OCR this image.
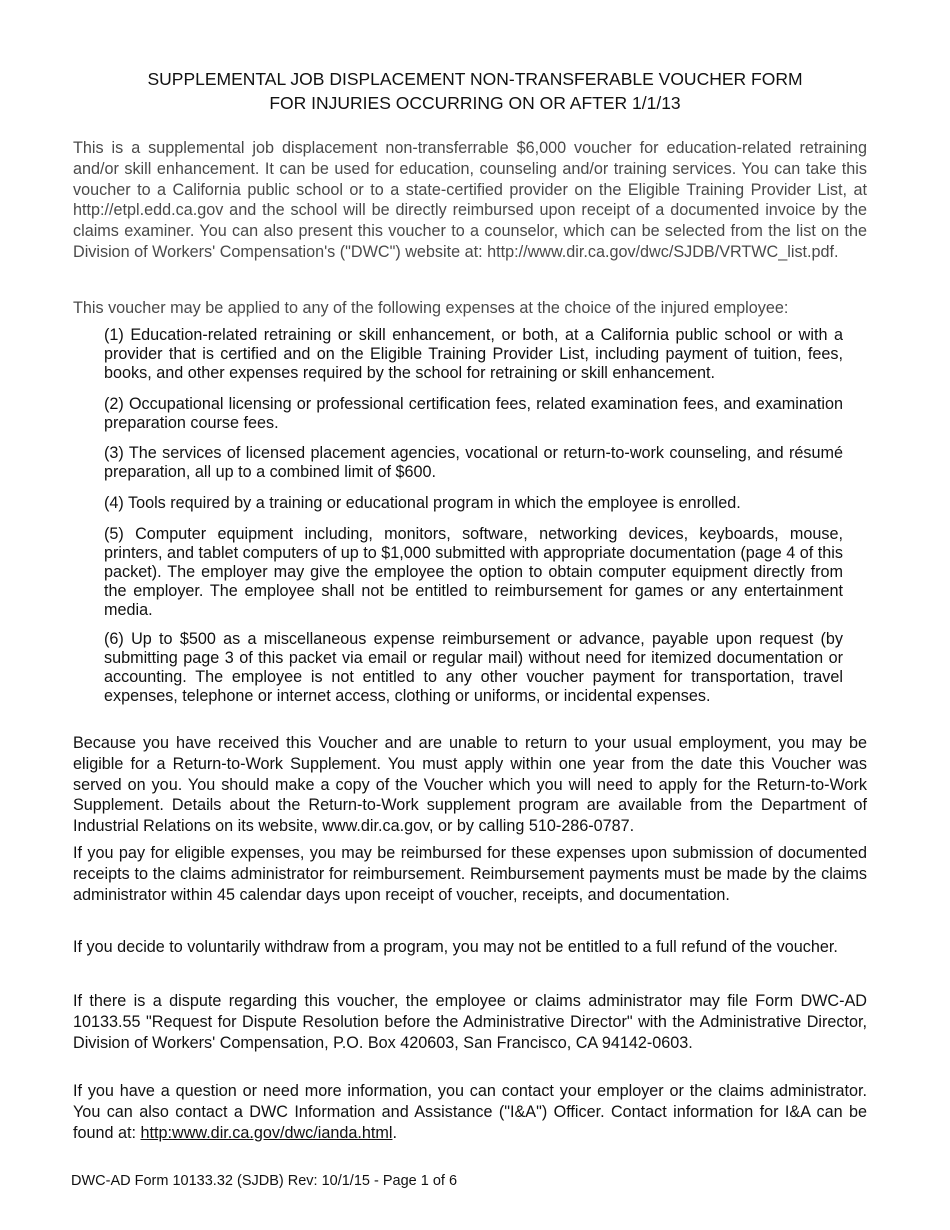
SUPPLEMENTAL JOB DISPLACEMENT NON-TRANSFERABLE VOUCHER FORM
FOR INJURIES OCCURRING ON OR AFTER 1/1/13

This is a supplemental job displacement non-transferrable $6,000 voucher for education-related retraining and/or skill enhancement. It can be used for education, counseling and/or training services. You can take this voucher to a California public school or to a state-certified provider on the Eligible Training Provider List, at http://etpl.edd.ca.gov and the school will be directly reimbursed upon receipt of a documented invoice by the claims examiner. You can also present this voucher to a counselor, which can be selected from the list on the Division of Workers' Compensation's ("DWC") website at: http://www.dir.ca.gov/dwc/SJDB/VRTWC_list.pdf.

This voucher may be applied to any of the following expenses at the choice of the injured employee:

(1) Education-related retraining or skill enhancement, or both, at a California public school or with a provider that is certified and on the Eligible Training Provider List, including payment of tuition, fees, books, and other expenses required by the school for retraining or skill enhancement.

(2) Occupational licensing or professional certification fees, related examination fees, and examination preparation course fees.

(3) The services of licensed placement agencies, vocational or return-to-work counseling, and résumé preparation, all up to a combined limit of $600.

(4) Tools required by a training or educational program in which the employee is enrolled.

(5) Computer equipment including, monitors, software, networking devices, keyboards, mouse, printers, and tablet computers of up to $1,000 submitted with appropriate documentation (page 4 of this packet). The employer may give the employee the option to obtain computer equipment directly from the employer. The employee shall not be entitled to reimbursement for games or any entertainment media.

(6) Up to $500 as a miscellaneous expense reimbursement or advance, payable upon request (by submitting page 3 of this packet via email or regular mail) without need for itemized documentation or accounting. The employee is not entitled to any other voucher payment for transportation, travel expenses, telephone or internet access, clothing or uniforms, or incidental expenses.

Because you have received this Voucher and are unable to return to your usual employment, you may be eligible for a Return-to-Work Supplement. You must apply within one year from the date this Voucher was served on you. You should make a copy of the Voucher which you will need to apply for the Return-to-Work Supplement. Details about the Return-to-Work supplement program are available from the Department of Industrial Relations on its website, www.dir.ca.gov, or by calling 510-286-0787.

If you pay for eligible expenses, you may be reimbursed for these expenses upon submission of documented receipts to the claims administrator for reimbursement. Reimbursement payments must be made by the claims administrator within 45 calendar days upon receipt of voucher, receipts, and documentation.

If you decide to voluntarily withdraw from a program, you may not be entitled to a full refund of the voucher.

If there is a dispute regarding this voucher, the employee or claims administrator may file Form DWC-AD 10133.55 "Request for Dispute Resolution before the Administrative Director" with the Administrative Director, Division of Workers' Compensation, P.O. Box 420603, San Francisco, CA 94142-0603.

If you have a question or need more information, you can contact your employer or the claims administrator. You can also contact a DWC Information and Assistance ("I&A") Officer. Contact information for I&A can be found at: http:www.dir.ca.gov/dwc/ianda.html.

DWC-AD Form 10133.32 (SJDB) Rev: 10/1/15 - Page 1 of 6
